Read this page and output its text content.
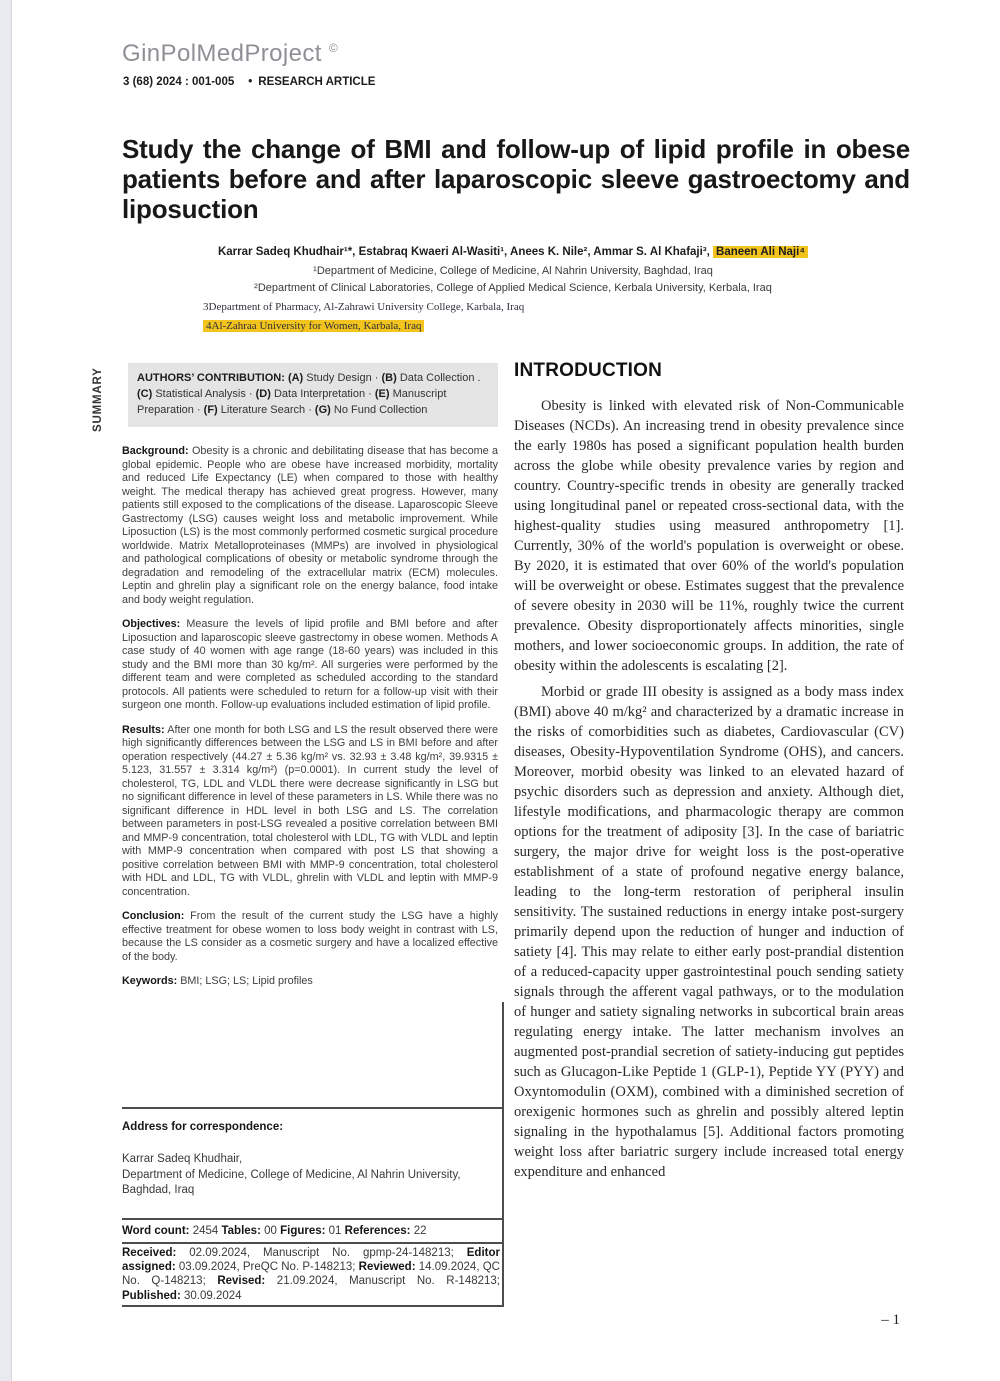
GinPolMedProject ©
3 (68) 2024 : 001-005 • RESEARCH ARTICLE
Study the change of BMI and follow-up of lipid profile in obese patients before and after laparoscopic sleeve gastroectomy and liposuction
Karrar Sadeq Khudhair¹*, Estabraq Kwaeri Al-Wasiti¹, Anees K. Nile², Ammar S. Al Khafaji³, Baneen Ali Naji⁴
¹Department of Medicine, College of Medicine, Al Nahrin University, Baghdad, Iraq
²Department of Clinical Laboratories, College of Applied Medical Science, Kerbala University, Kerbala, Iraq
3Department of Pharmacy, Al-Zahrawi University College, Karbala, Iraq
4Al-Zahraa University for Women, Karbala, Iraq
SUMMARY	AUTHORS’ CONTRIBUTION: (A) Study Design · (B) Data Collection . (C) Statistical Analysis · (D) Data Interpretation · (E) Manuscript Preparation · (F) Literature Search · (G) No Fund Collection

Background: Obesity is a chronic and debilitating disease that has become a global epidemic. People who are obese have increased morbidity, mortality and reduced Life Expectancy (LE) when compared to those with healthy weight. The medical therapy has achieved great progress. However, many patients still exposed to the complications of the disease. Laparoscopic Sleeve Gastrectomy (LSG) causes weight loss and metabolic improvement. While Liposuction (LS) is the most commonly performed cosmetic surgical procedure worldwide. Matrix Metalloproteinases (MMPs) are involved in physiological and pathological complications of obesity or metabolic syndrome through the degradation and remodeling of the extracellular matrix (ECM) molecules. Leptin and ghrelin play a significant role on the energy balance, food intake and body weight regulation.

Objectives: Measure the levels of lipid profile and BMI before and after Liposuction and laparoscopic sleeve gastrectomy in obese women. Methods A case study of 40 women with age range (18-60 years) was included in this study and the BMI more than 30 kg/m². All surgeries were performed by the different team and were completed as scheduled according to the standard protocols. All patients were scheduled to return for a follow-up visit with their surgeon one month. Follow-up evaluations included estimation of lipid profile.

Results: After one month for both LSG and LS the result observed there were high significantly differences between the LSG and LS in BMI before and after operation respectively (44.27 ± 5.36 kg/m² vs. 32.93 ± 3.48 kg/m², 39.9315 ± 5.123, 31.557 ± 3.314 kg/m²) (p=0.0001). In current study the level of cholesterol, TG, LDL and VLDL there were decrease significantly in LSG but no significant difference in level of these parameters in LS. While there was no significant difference in HDL level in both LSG and LS. The correlation between parameters in post-LSG revealed a positive correlation between BMI and MMP-9 concentration, total cholesterol with LDL, TG with VLDL and leptin with MMP-9 concentration when compared with post LS that showing a positive correlation between BMI with MMP-9 concentration, total cholesterol with HDL and LDL, TG with VLDL, ghrelin with VLDL and leptin with MMP-9 concentration.

Conclusion: From the result of the current study the LSG have a highly effective treatment for obese women to loss body weight in contrast with LS, because the LS consider as a cosmetic surgery and have a localized effective of the body.

Keywords: BMI; LSG; LS; Lipid profiles

Address for correspondence:
Karrar Sadeq Khudhair,
Department of Medicine, College of Medicine, Al Nahrin University, Baghdad, Iraq
Word count: 2454 Tables: 00 Figures: 01 References: 22
Received: 02.09.2024, Manuscript No. gpmp-24-148213; Editor assigned: 03.09.2024, PreQC No. P-148213; Reviewed: 14.09.2024, QC No. Q-148213; Revised: 21.09.2024, Manuscript No. R-148213; Published: 30.09.2024
INTRODUCTION

Obesity is linked with elevated risk of Non-Communicable Diseases (NCDs). An increasing trend in obesity prevalence since the early 1980s has posed a significant population health burden across the globe while obesity prevalence varies by region and country. Country-specific trends in obesity are generally tracked using longitudinal panel or repeated cross-sectional data, with the highest-quality studies using measured anthropometry [1]. Currently, 30% of the world's population is overweight or obese. By 2020, it is estimated that over 60% of the world's population will be overweight or obese. Estimates suggest that the prevalence of severe obesity in 2030 will be 11%, roughly twice the current prevalence. Obesity disproportionately affects minorities, single mothers, and lower socioeconomic groups. In addition, the rate of obesity within the adolescents is escalating [2].

Morbid or grade III obesity is assigned as a body mass index (BMI) above 40 m/kg² and characterized by a dramatic increase in the risks of comorbidities such as diabetes, Cardiovascular (CV) diseases, Obesity-Hypoventilation Syndrome (OHS), and cancers. Moreover, morbid obesity was linked to an elevated hazard of psychic disorders such as depression and anxiety. Although diet, lifestyle modifications, and pharmacologic therapy are common options for the treatment of adiposity [3]. In the case of bariatric surgery, the major drive for weight loss is the post-operative establishment of a state of profound negative energy balance, leading to the long-term restoration of peripheral insulin sensitivity. The sustained reductions in energy intake post-surgery primarily depend upon the reduction of hunger and induction of satiety [4]. This may relate to either early post-prandial distention of a reduced-capacity upper gastrointestinal pouch sending satiety signals through the afferent vagal pathways, or to the modulation of hunger and satiety signaling networks in subcortical brain areas regulating energy intake. The latter mechanism involves an augmented post-prandial secretion of satiety-inducing gut peptides such as Glucagon-Like Peptide 1 (GLP-1), Peptide YY (PYY) and Oxyntomodulin (OXM), combined with a diminished secretion of orexigenic hormones such as ghrelin and possibly altered leptin signaling in the hypothalamus [5]. Additional factors promoting weight loss after bariatric surgery include increased total energy expenditure and enhanced

– 1
